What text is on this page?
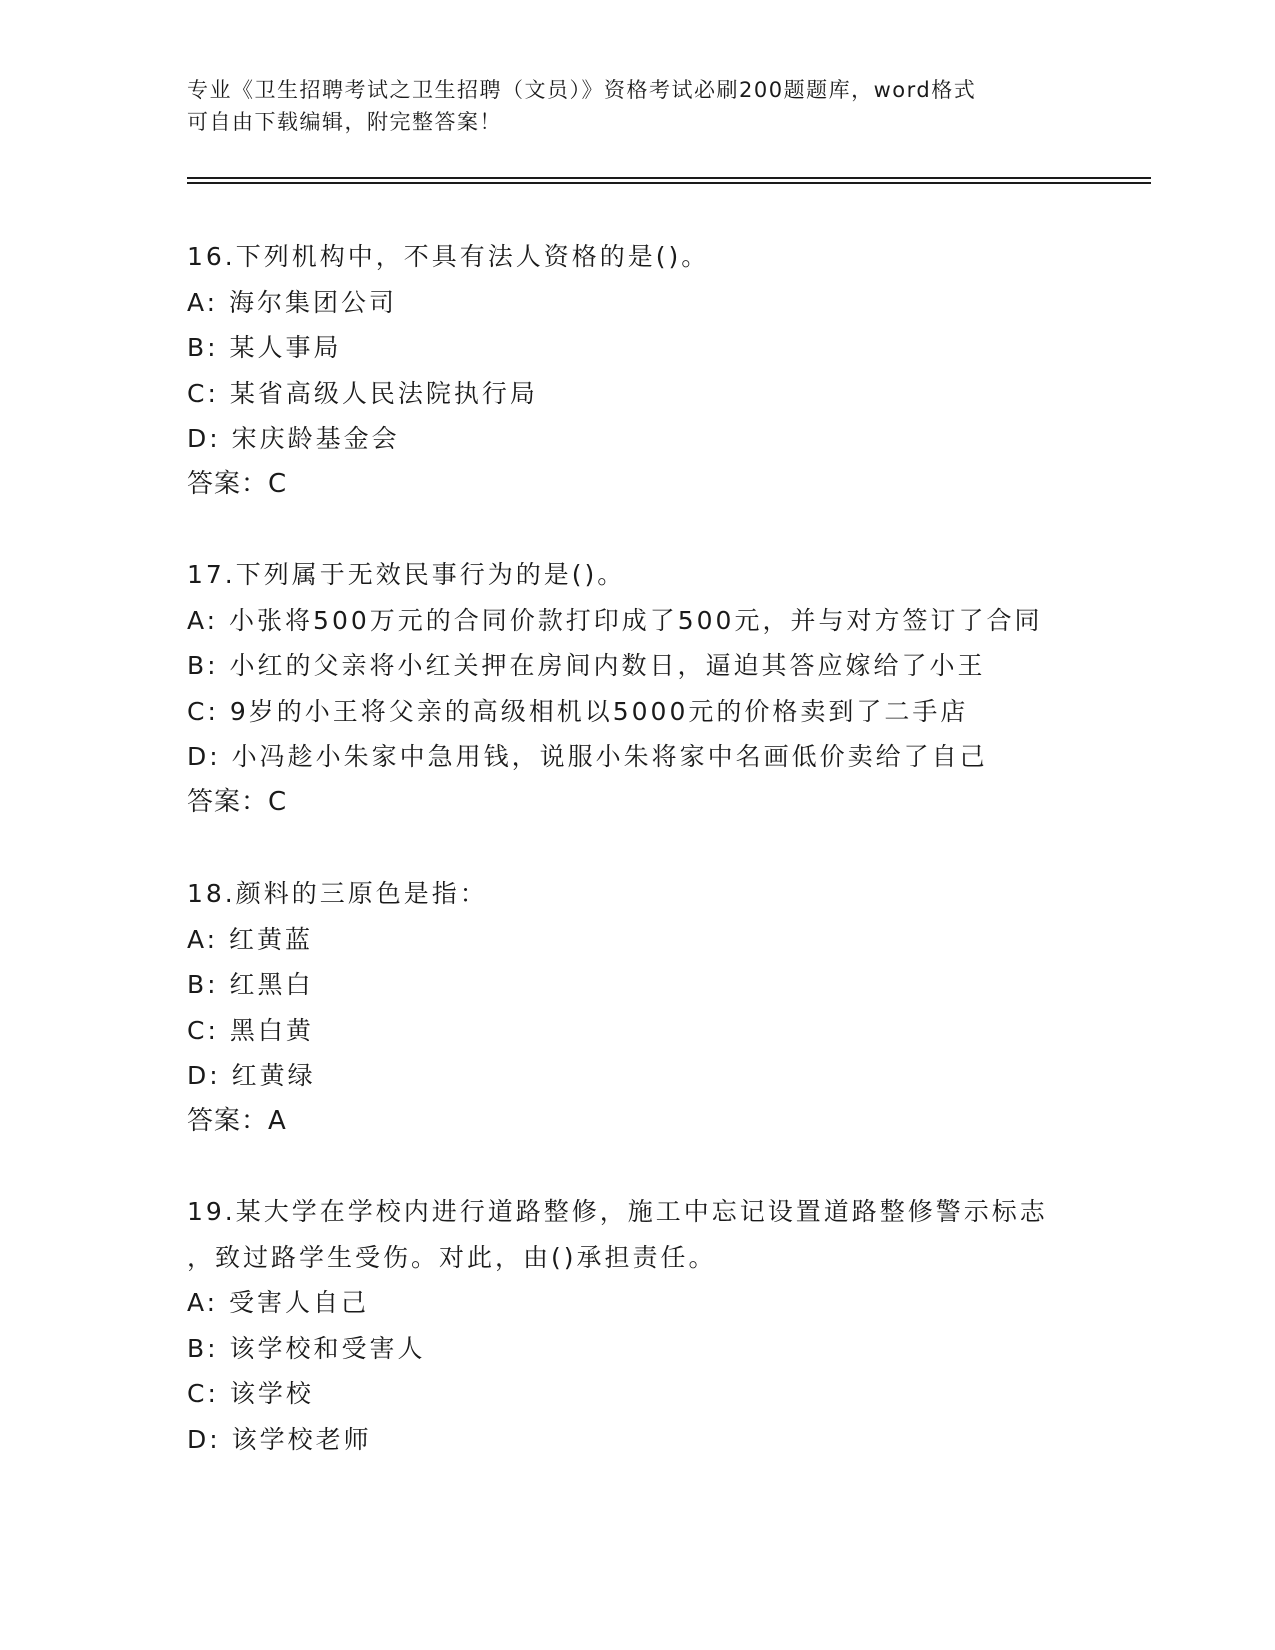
专业《卫生招聘考试之卫生招聘（文员）》资格考试必刷200题题库，word格式
可自由下载编辑，附完整答案！
16.下列机构中，不具有法人资格的是()。
A: 海尔集团公司
B: 某人事局
C: 某省高级人民法院执行局
D: 宋庆龄基金会
答案：C
17.下列属于无效民事行为的是()。
A: 小张将500万元的合同价款打印成了500元，并与对方签订了合同
B: 小红的父亲将小红关押在房间内数日，逼迫其答应嫁给了小王
C: 9岁的小王将父亲的高级相机以5000元的价格卖到了二手店
D: 小冯趁小朱家中急用钱，说服小朱将家中名画低价卖给了自己
答案：C
18.颜料的三原色是指：
A: 红黄蓝
B: 红黑白
C: 黑白黄
D: 红黄绿
答案：A
19.某大学在学校内进行道路整修，施工中忘记设置道路整修警示标志
，致过路学生受伤。对此，由()承担责任。
A: 受害人自己
B: 该学校和受害人
C: 该学校
D: 该学校老师
